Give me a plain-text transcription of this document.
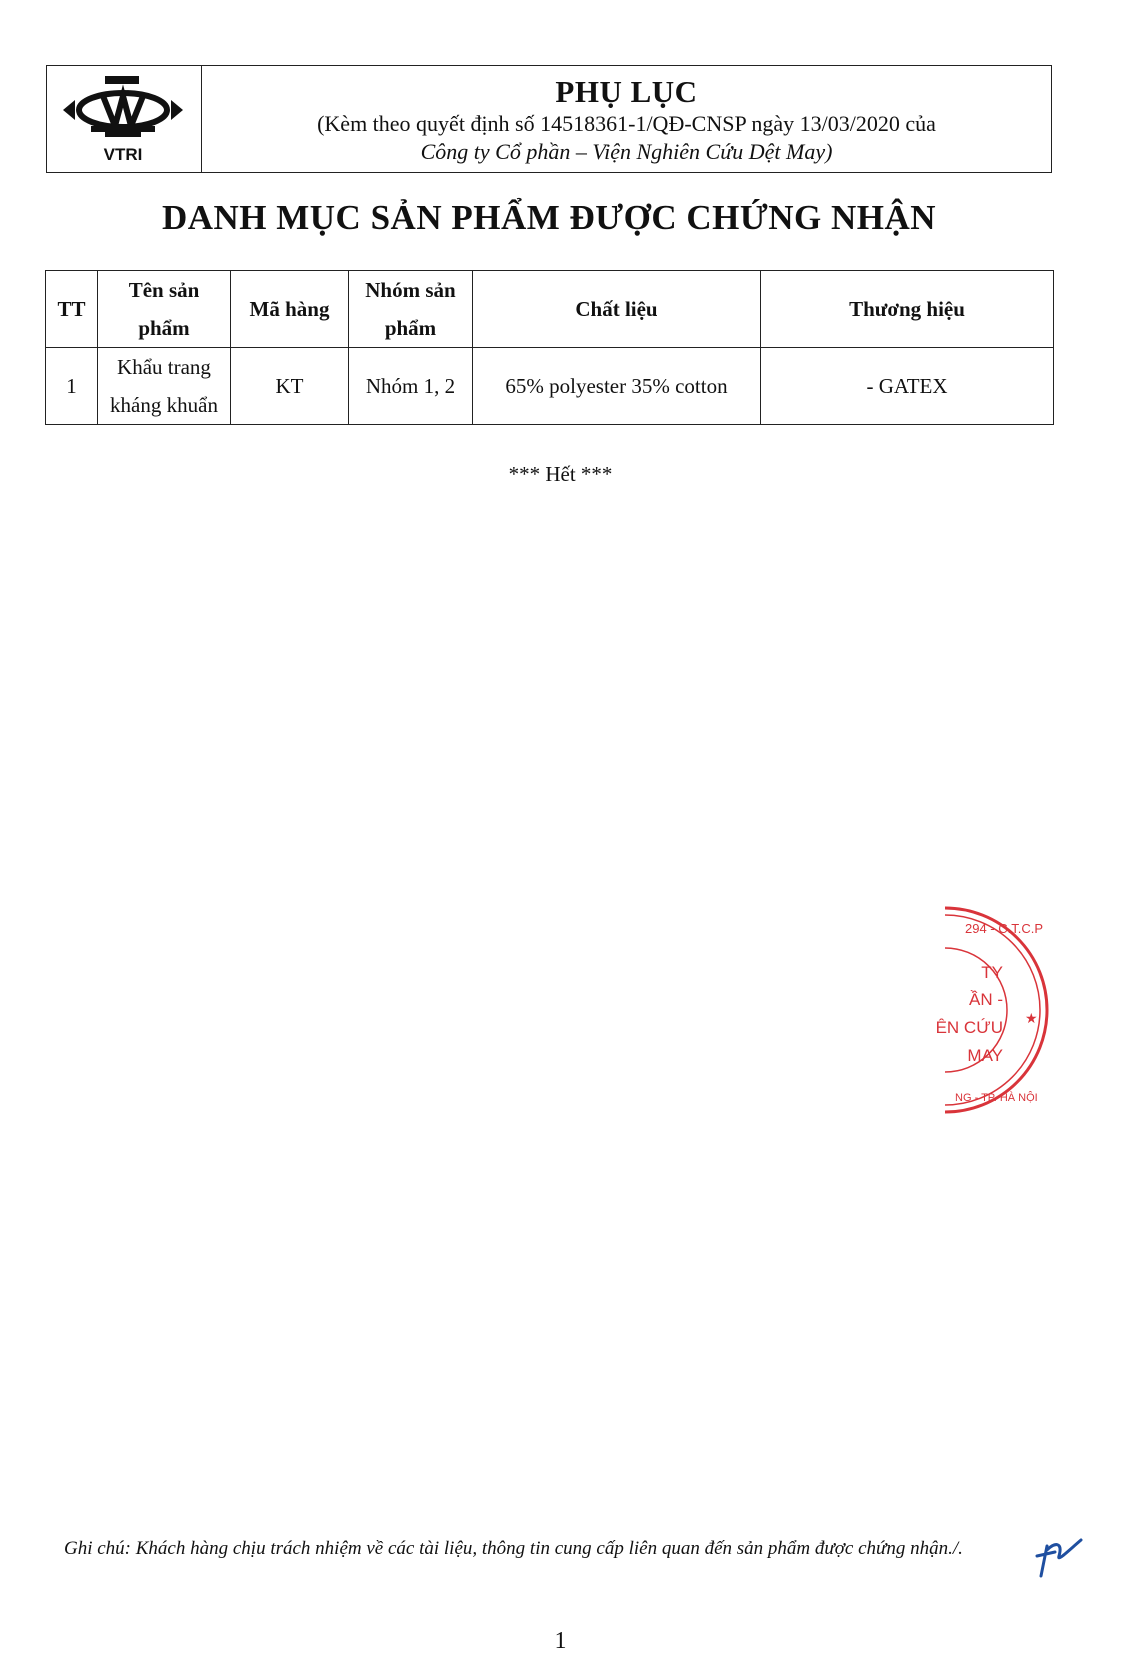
VTRI
PHỤ LỤC
(Kèm theo quyết định số 14518361-1/QĐ-CNSP ngày 13/03/2020 của
Công ty Cổ phần – Viện Nghiên Cứu Dệt May)
DANH MỤC SẢN PHẨM ĐƯỢC CHỨNG NHẬN
TT	Tên sản phẩm	Mã hàng	Nhóm sản phẩm	Chất liệu	Thương hiệu
1	Khẩu trang kháng khuẩn	KT	Nhóm 1, 2	65% polyester 35% cotton	- GATEX
*** Hết ***
294 - C.T.C.P
TY
ẦN -
ÊN CỨU
MAY
NG - TP. HÀ NỘI
★
Ghi chú: Khách hàng chịu trách nhiệm về các tài liệu, thông tin cung cấp liên quan đến sản phẩm được chứng nhận./.
1
